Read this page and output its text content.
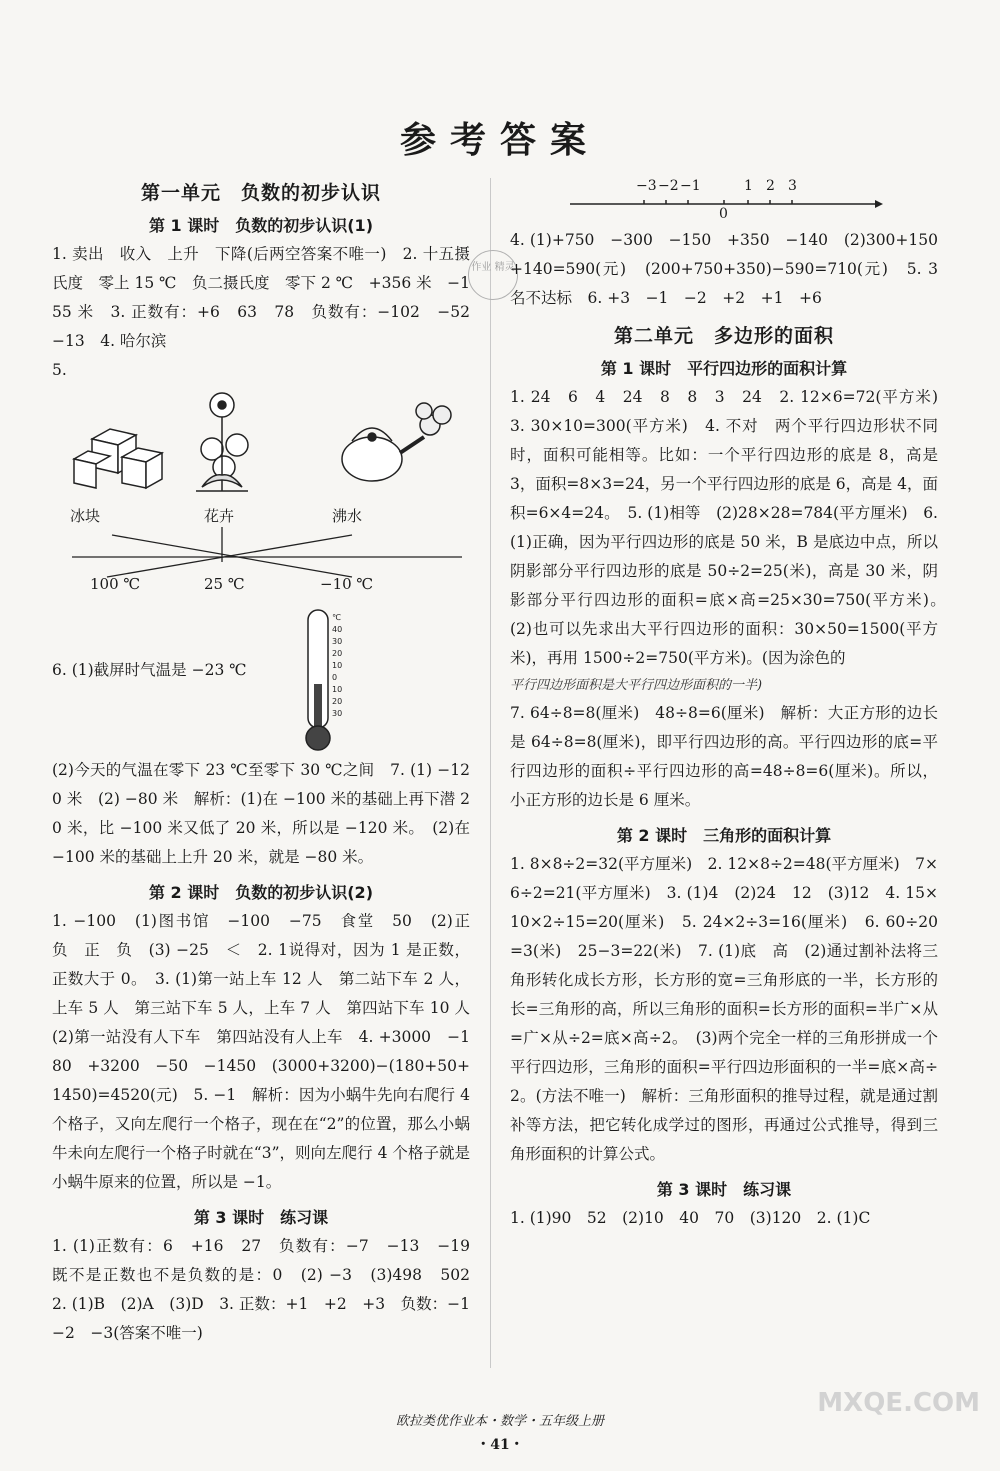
参考答案
第一单元　负数的初步认识
第 1 课时　负数的初步认识(1)

1. 卖出　收入　上升　下降(后两空答案不唯一)　2. 十五摄氏度　零上 15 ℃　负二摄氏度　零下 2 ℃　+356 米　−155 米　3. 正数有：+6　63　78　负数有：−102　−52　−13　4. 哈尔滨

5.

冰块	花卉	沸水
100 ℃	25 ℃	−10 ℃

6. (1)截屏时气温是 −23 ℃

℃
40
30
20
10
0
10
20
30

(2)今天的气温在零下 23 ℃至零下 30 ℃之间　7. (1) −120 米　(2) −80 米　解析：(1)在 −100 米的基础上再下潜 20 米，比 −100 米又低了 20 米，所以是 −120 米。　(2)在 −100 米的基础上上升 20 米，就是 −80 米。

第 2 课时　负数的初步认识(2)

1. −100　(1)图书馆　−100　−75　食堂　50　(2)正　负　正　负　(3) −25　＜　2. 1说得对，因为 1 是正数，正数大于 0。　3. (1)第一站上车 12 人　第二站下车 2 人，上车 5 人　第三站下车 5 人，上车 7 人　第四站下车 10 人　(2)第一站没有人下车　第四站没有人上车　4. +3000　−180　+3200　−50　−1450　(3000+3200)−(180+50+1450)=4520(元)　5. −1　解析：因为小蜗牛先向右爬行 4 个格子，又向左爬行一个格子，现在在“2”的位置，那么小蜗牛未向左爬行一个格子时就在“3”，则向左爬行 4 个格子就是小蜗牛原来的位置，所以是 −1。

第 3 课时　练习课

1. (1)正数有：6　+16　27　负数有：−7　−13　−19　既不是正数也不是负数的是：0　(2) −3　(3)498　502　2. (1)B　(2)A　(3)D　3. 正数：+1　+2　+3　负数：−1　−2　−3(答案不唯一)

作业 精灵
−3 −2 −1
0
1 2 3

4. (1)+750　−300　−150　+350　−140　(2)300+150+140=590(元)　(200+750+350)−590=710(元)　5. 3 名不达标　6. +3　−1　−2　+2　+1　+6

第二单元　多边形的面积
第 1 课时　平行四边形的面积计算

1. 24　6　4　24　8　8　3　24　2. 12×6=72(平方米)　3. 30×10=300(平方米)　4. 不对　两个平行四边形状不同时，面积可能相等。比如：一个平行四边形的底是 8，高是 3，面积=8×3=24，另一个平行四边形的底是 6，高是 4，面积=6×4=24。　5. (1)相等　(2)28×28=784(平方厘米)　6. (1)正确，因为平行四边形的底是 50 米，B 是底边中点，所以阴影部分平行四边形的底是 50÷2=25(米)，高是 30 米，阴影部分平行四边形的面积=底×高=25×30=750(平方米)。　(2)也可以先求出大平行四边形的面积：30×50=1500(平方米)，再用 1500÷2=750(平方米)。(因为涂色的

平行四边形面积是大平行四边形面积的一半)

7. 64÷8=8(厘米)　48÷8=6(厘米)　解析：大正方形的边长是 64÷8=8(厘米)，即平行四边形的高。平行四边形的底=平行四边形的面积÷平行四边形的高=48÷8=6(厘米)。所以，小正方形的边长是 6 厘米。

第 2 课时　三角形的面积计算

1. 8×8÷2=32(平方厘米)　2. 12×8÷2=48(平方厘米)　7×6÷2=21(平方厘米)　3. (1)4　(2)24　12　(3)12　4. 15×10×2÷15=20(厘米)　5. 24×2÷3=16(厘米)　6. 60÷20=3(米)　25−3=22(米)　7. (1)底　高　(2)通过割补法将三角形转化成长方形，长方形的宽=三角形底的一半，长方形的长=三角形的高，所以三角形的面积=长方形的面积=半广×从=广×从÷2=底×高÷2。　(3)两个完全一样的三角形拼成一个平行四边形，三角形的面积=平行四边形面积的一半=底×高÷2。(方法不唯一)　解析：三角形面积的推导过程，就是通过割补等方法，把它转化成学过的图形，再通过公式推导，得到三角形面积的计算公式。

第 3 课时　练习课

1. (1)90　52　(2)10　40　70　(3)120　2. (1)C

欧拉类优作业本・数学・五年级上册
・41・
MXQE.COM
